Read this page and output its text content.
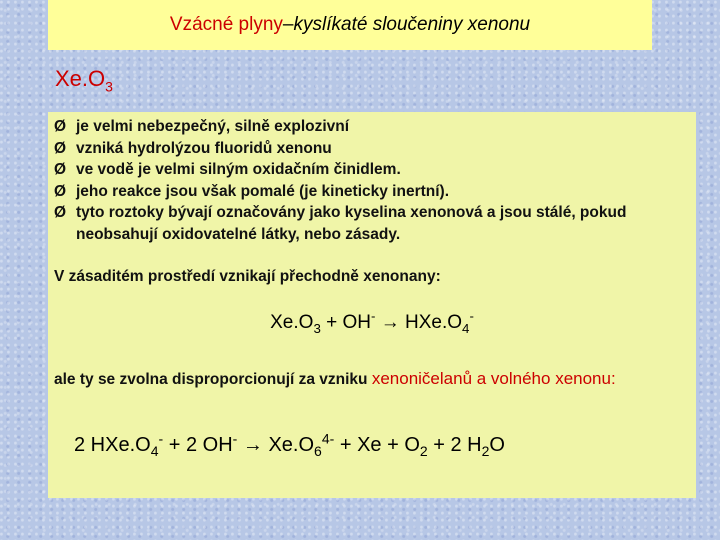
Vzácné plyny – kyslíkaté sloučeniny xenonu
$Xe.O_3$
Ø je velmi nebezpečný, silně explozivní
Ø vzniká hydrolýzou fluoridů xenonu
Ø ve vodě je velmi silným oxidačním činidlem.
Ø jeho reakce jsou však pomalé (je kineticky inertní).
Ø tyto roztoky bývají označovány jako kyselina xenonová a jsou stálé, pokud neobsahují oxidovatelné látky, nebo zásady.
V zásaditém prostředí vznikají přechodně xenonany:
$Xe.O_3 + OH^- \to HXe.O_4^-$
ale ty se zvolna disproporcionují za vzniku xenoničelanů a volného xenonu:
2 $HXe.O_4^- + 2$ $OH^- \to Xe.O_6^{4-} + Xe + O_2 + 2$ $H_2O$
